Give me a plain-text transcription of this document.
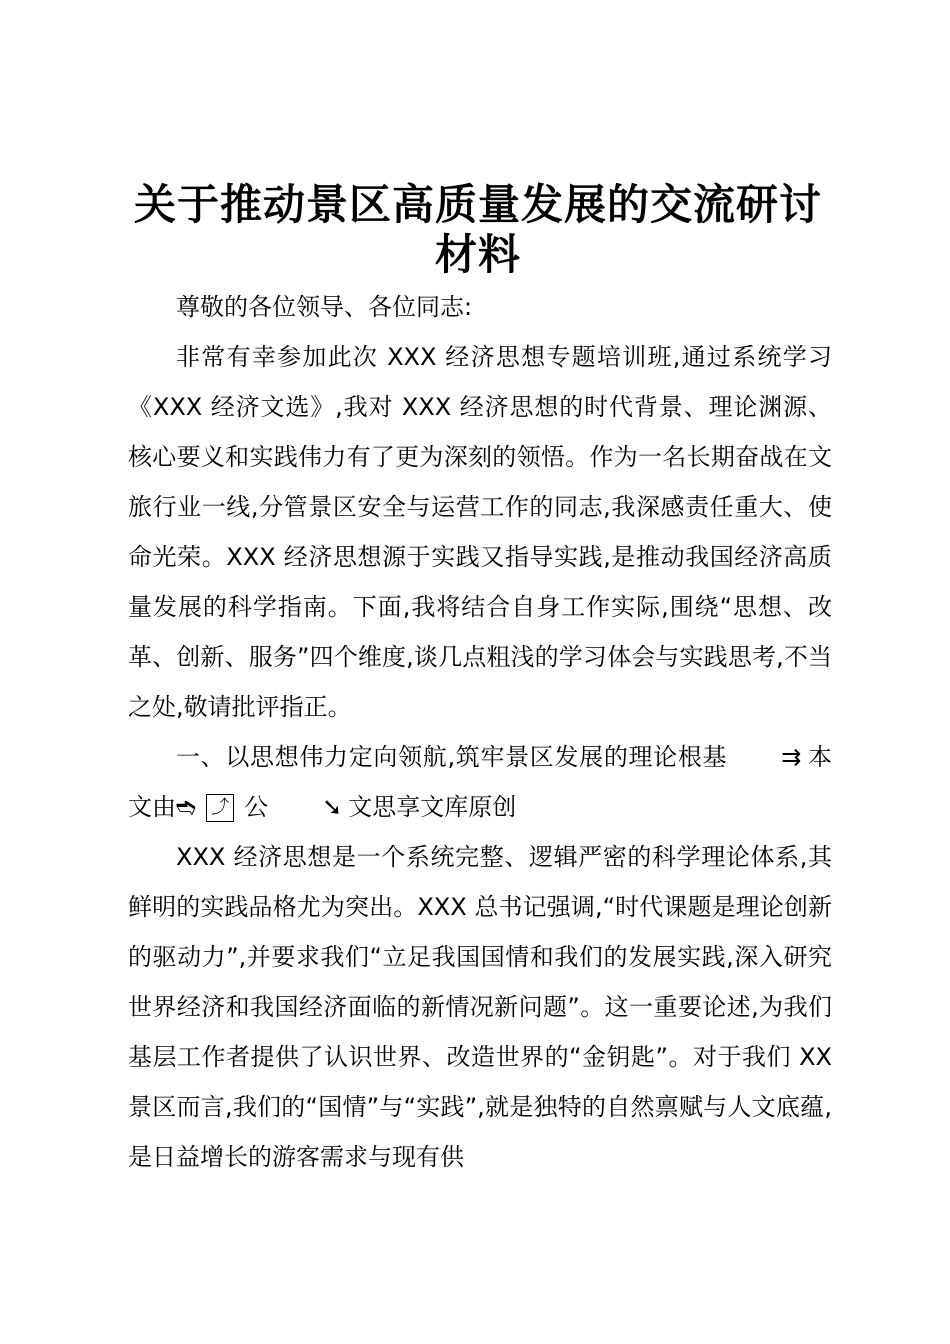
关于推动景区高质量发展的交流研讨材料

尊敬的各位领导、各位同志:

非常有幸参加此次 XXX 经济思想专题培训班,通过系统学习《XXX 经济文选》,我对 XXX 经济思想的时代背景、理论渊源、核心要义和实践伟力有了更为深刻的领悟。作为一名长期奋战在文旅行业一线,分管景区安全与运营工作的同志,我深感责任重大、使命光荣。XXX 经济思想源于实践又指导实践,是推动我国经济高质量发展的科学指南。下面,我将结合自身工作实际,围绕“思想、改革、创新、服务”四个维度,谈几点粗浅的学习体会与实践思考,不当之处,敬请批评指正。

一、以思想伟力定向领航,筑牢景区发展的理论根基 ⇉ 本文由➬ ⤴ 公 ➘ 文思享文库原创

XXX 经济思想是一个系统完整、逻辑严密的科学理论体系,其鲜明的实践品格尤为突出。XXX 总书记强调,“时代课题是理论创新的驱动力”,并要求我们“立足我国国情和我们的发展实践,深入研究世界经济和我国经济面临的新情况新问题”。这一重要论述,为我们基层工作者提供了认识世界、改造世界的“金钥匙”。对于我们 XX 景区而言,我们的“国情”与“实践”,就是独特的自然禀赋与人文底蕴,是日益增长的游客需求与现有供
